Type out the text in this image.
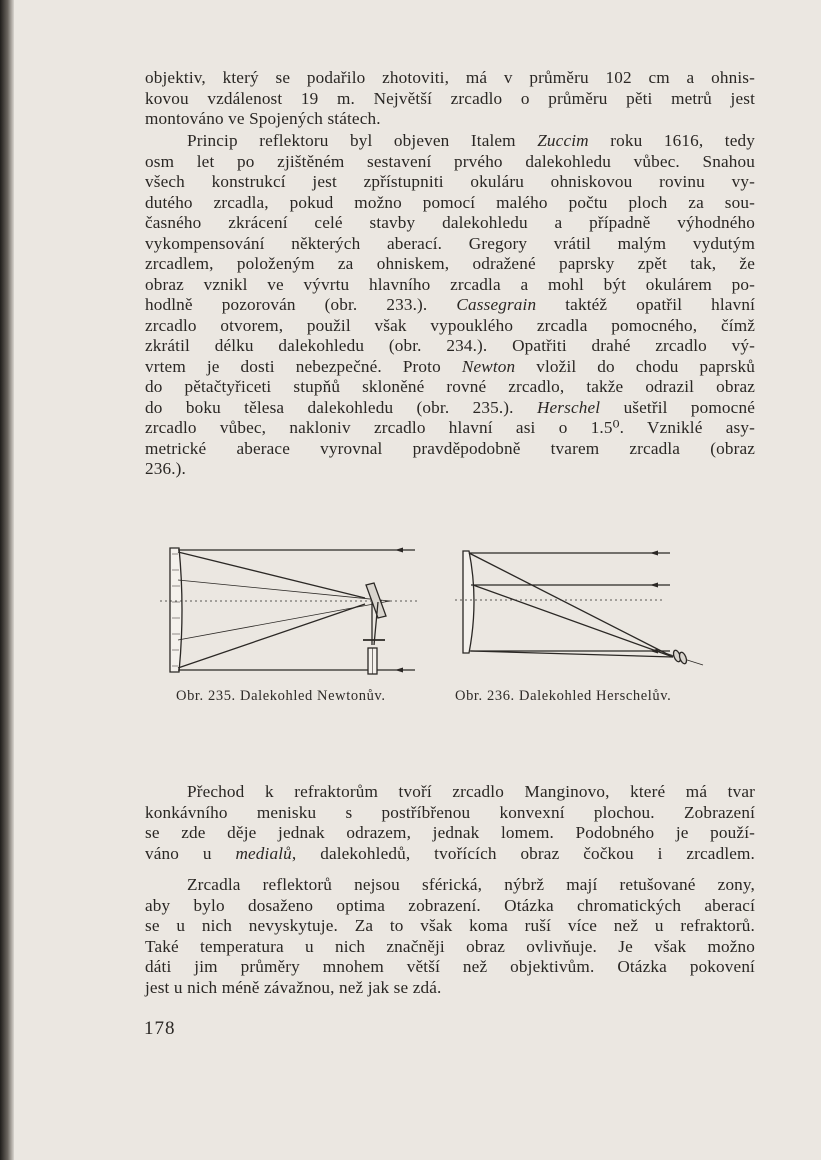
objektiv, který se podařilo zhotoviti, má v průměru 102 cm a ohnis-
kovou vzdálenost 19 m. Největší zrcadlo o průměru pěti metrů jest
montováno ve Spojených státech.

Princip reflektoru byl objeven Italem Zuccim roku 1616, tedy
osm let po zjištěném sestavení prvého dalekohledu vůbec. Snahou
všech konstrukcí jest zpřístupniti okuláru ohniskovou rovinu vy-
dutého zrcadla, pokud možno pomocí malého počtu ploch za sou-
časného zkrácení celé stavby dalekohledu a případně výhodného
vykompensování některých aberací. Gregory vrátil malým vydutým
zrcadlem, položeným za ohniskem, odražené paprsky zpět tak, že
obraz vznikl ve vývrtu hlavního zrcadla a mohl být okulárem po-
hodlně pozorován (obr. 233.). Cassegrain taktéž opatřil hlavní
zrcadlo otvorem, použil však vypouklého zrcadla pomocného, čímž
zkrátil délku dalekohledu (obr. 234.). Opatřiti drahé zrcadlo vý-
vrtem je dosti nebezpečné. Proto Newton vložil do chodu paprsků
do pětačtyřiceti stupňů skloněné rovné zrcadlo, takže odrazil obraz
do boku tělesa dalekohledu (obr. 235.). Herschel ušetřil pomocné
zrcadlo vůbec, nakloniv zrcadlo hlavní asi o 1.5⁰. Vzniklé asy-
metrické aberace vyrovnal pravděpodobně tvarem zrcadla (obraz
236.).

Obr. 235. Dalekohled Newtonův.	Obr. 236. Dalekohled Herschelův.

Přechod k refraktorům tvoří zrcadlo Manginovo, které má tvar
konkávního menisku s postříbřenou konvexní plochou. Zobrazení
se zde děje jednak odrazem, jednak lomem. Podobného je použí-
váno u medialů, dalekohledů, tvořících obraz čočkou i zrcadlem.

Zrcadla reflektorů nejsou sférická, nýbrž mají retušované zony,
aby bylo dosaženo optima zobrazení. Otázka chromatických aberací
se u nich nevyskytuje. Za to však koma ruší více než u refraktorů.
Také temperatura u nich značněji obraz ovlivňuje. Je však možno
dáti jim průměry mnohem větší než objektivům. Otázka pokovení
jest u nich méně závažnou, než jak se zdá.

178
